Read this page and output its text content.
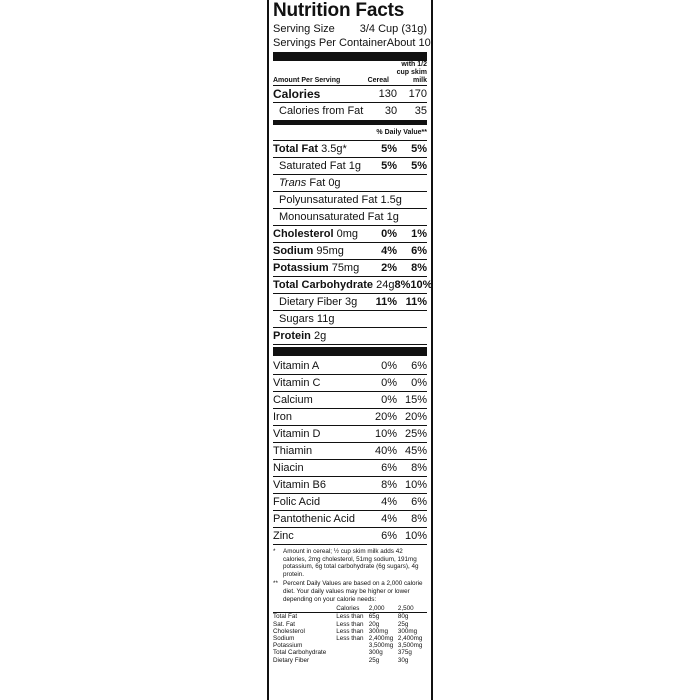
Nutrition Facts
Serving Size 3/4 Cup (31g)
Servings Per Container About 10
Amount Per Serving	Cereal
with 1/2 cup skim milk
Calories	130	170
Calories from Fat	30	35
% Daily Value**
Total Fat 3.5g*	5%	5%
Saturated Fat 1g	5%	5%
Trans Fat 0g
Polyunsaturated Fat 1.5g
Monounsaturated Fat 1g
Cholesterol 0mg	0%	1%
Sodium 95mg	4%	6%
Potassium 75mg	2%	8%
Total Carbohydrate 24g 8% 10%
Dietary Fiber 3g	11% 11%
Sugars 11g
Protein 2g
Vitamin A	0%	6%
Vitamin C	0%	0%
Calcium	0% 15%
Iron	20% 20%
Vitamin D	10% 25%
Thiamin	40% 45%
Niacin	6%	8%
Vitamin B6	8% 10%
Folic Acid	4%	6%
Pantothenic Acid	4%	8%
Zinc	6% 10%

*	Amount in cereal; ½ cup skim milk adds 42 calories, 2mg cholesterol, 51mg sodium, 191mg potassium, 6g total carbohydrate (6g sugars), 4g protein.

** Percent Daily Values are based on a 2,000 calorie diet. Your daily values may be higher or lower depending on your calorie needs:

	Calories	2,000	2,500
Total Fat	Less than	65g	80g
Sat. Fat	Less than	20g	25g
Cholesterol	Less than	300mg	300mg
Sodium	Less than	2,400mg	2,400mg
Potassium		3,500mg	3,500mg
Total Carbohydrate		300g	375g
Dietary Fiber		25g	30g
